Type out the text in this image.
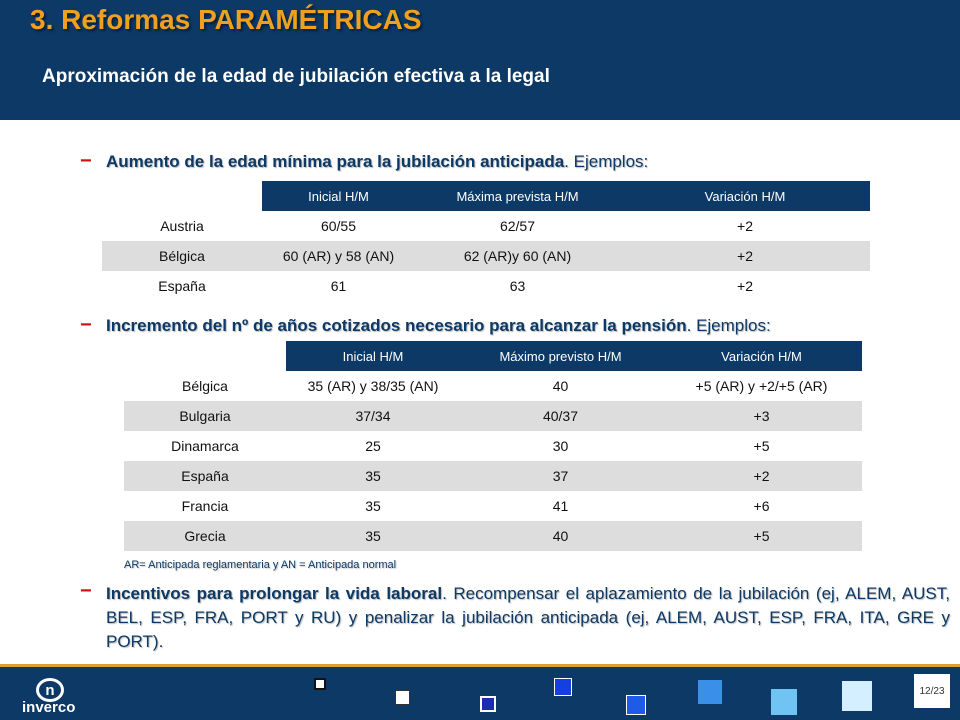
3. Reformas PARAMÉTRICAS
Aproximación de la edad de jubilación efectiva a la legal
− Aumento de la edad mínima para la jubilación anticipada. Ejemplos:
	Inicial H/M	Máxima prevista H/M	Variación H/M
Austria	60/55	62/57	+2
Bélgica	60 (AR) y 58 (AN)	62 (AR)y 60 (AN)	+2
España	61	63	+2
− Incremento del nº de años cotizados necesario para alcanzar la pensión. Ejemplos:
	Inicial H/M	Máximo previsto H/M	Variación H/M
Bélgica	35 (AR) y 38/35 (AN)	40	+5 (AR) y +2/+5 (AR)
Bulgaria	37/34	40/37	+3
Dinamarca	25	30	+5
España	35	37	+2
Francia	35	41	+6
Grecia	35	40	+5
AR= Anticipada reglamentaria y AN = Anticipada normal
− Incentivos para prolongar la vida laboral. Recompensar el aplazamiento de la jubilación (ej, ALEM, AUST, BEL, ESP, FRA, PORT y RU) y penalizar la jubilación anticipada (ej, ALEM, AUST, ESP, FRA, ITA, GRE y PORT).
n
inverco
12/23
